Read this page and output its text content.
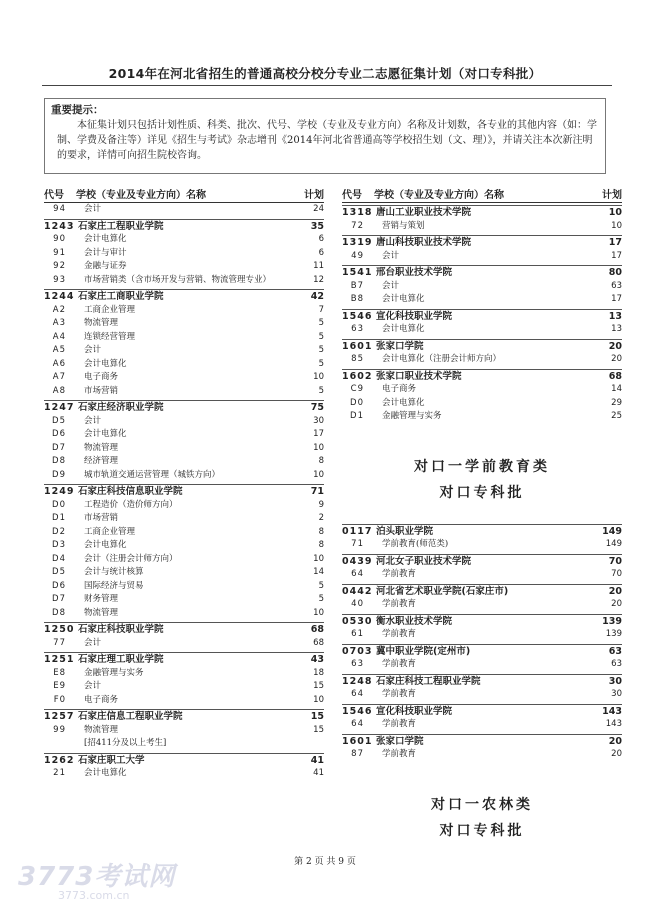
2014年在河北省招生的普通高校分校分专业二志愿征集计划（对口专科批）
重要提示：

本征集计划只包括计划性质、科类、批次、代号、学校（专业及专业方向）名称及计划数，各专业的其他内容（如：学制、学费及备注等）详见《招生与考试》杂志增刊《2014年河北省普通高等学校招生划（文、理）》，并请关注本次新注明的要求，详情可向招生院校咨询。

代号 学校（专业及专业方向）名称	计划
94	会计	24
1243 石家庄工程职业学院	35
90	会计电算化	6
91	会计与审计	6
92	金融与证券	11
93	市场营销类（含市场开发与营销、物流管理专业）	12
1244 石家庄工商职业学院	42
A2	工商企业管理	7
A3	物流管理	5
A4	连锁经营管理	5
A5	会计	5
A6	会计电算化	5
A7	电子商务	10
A8	市场营销	5
1247 石家庄经济职业学院	75
D5	会计	30
D6	会计电算化	17
D7	物流管理	10
D8	经济管理	8
D9	城市轨道交通运营管理（城铁方向）	10
1249 石家庄科技信息职业学院	71
D0	工程造价（造价师方向）	9
D1	市场营销	2
D2	工商企业管理	8
D3	会计电算化	8
D4	会计（注册会计师方向）	10
D5	会计与统计核算	14
D6	国际经济与贸易	5
D7	财务管理	5
D8	物流管理	10
1250 石家庄科技职业学院	68
77	会计	68
1251 石家庄理工职业学院	43
E8	金融管理与实务	18
E9	会计	15
F0	电子商务	10
1257 石家庄信息工程职业学院	15
99	物流管理	15
[招411分及以上考生]
1262 石家庄职工大学	41
21	会计电算化	41
代号 学校（专业及专业方向）名称	计划
1318 唐山工业职业技术学院	10
72	营销与策划	10
1319 唐山科技职业技术学院	17
49	会计	17
1541 邢台职业技术学院	80
B7	会计	63
B8	会计电算化	17
1546 宣化科技职业学院	13
63	会计电算化	13
1601 张家口学院	20
85	会计电算化（注册会计师方向）	20
1602 张家口职业技术学院	68
C9	电子商务	14
D0	会计电算化	29
D1	金融管理与实务	25
对口一学前教育类
对口专科批
0117 泊头职业学院	149
71	学前教育(师范类)	149
0439 河北女子职业技术学院	70
64	学前教育	70
0442 河北省艺术职业学院(石家庄市)	20
40	学前教育	20
0530 衡水职业技术学院	139
61	学前教育	139
0703 冀中职业学院(定州市)	63
63	学前教育	63
1248 石家庄科技工程职业学院	30
64	学前教育	30
1546 宣化科技职业学院	143
64	学前教育	143
1601 张家口学院	20
87	学前教育	20
对口一农林类
对口专科批
第 2 页 共 9 页
3773考试网
3773.com.cn
